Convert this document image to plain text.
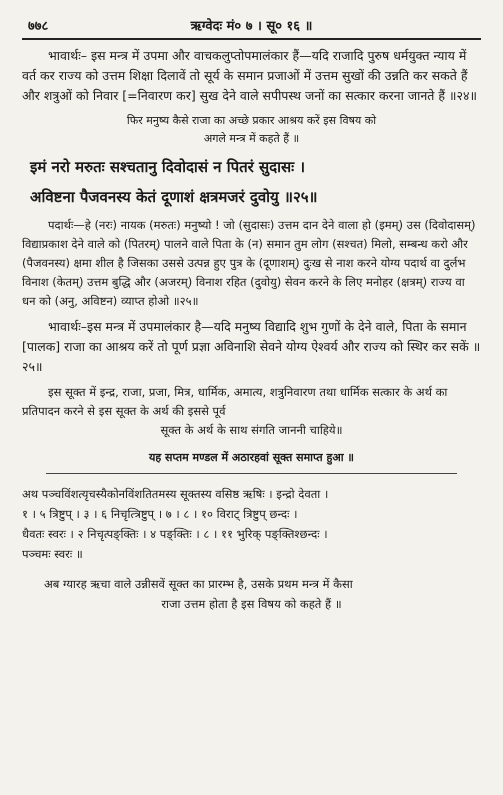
७७८	ऋग्वेदः मं० ७ । सू० १६ ॥

भावार्थः– इस मन्त्र में उपमा और वाचकलुप्तोपमालंकार हैं—यदि राजादि पुरुष धर्मयुक्त न्याय में वर्त कर राज्य को उत्तम शिक्षा दिलावें तो सूर्य के समान प्रजाओं में उत्तम सुखों की उन्नति कर सकते हैं और शत्रुओं को निवार [=निवारण कर] सुख देने वाले सपीपस्थ जनों का सत्कार करना जानते हैं ॥२४॥

फिर मनुष्य कैसे राजा का अच्छे प्रकार आश्रय करें इस विषय को
अगले मन्त्र में कहते हैं ॥
इमं नरो मरुतः सश्चतानु दिवोदासं न पितरं सुदासः ।
अविष्टना पैजवनस्य केतं दूणाशं क्षत्रमजरं दुवोयु ॥२५॥

पदार्थः—हे (नरः) नायक (मरुतः) मनुष्यो ! जो (सुदासः) उत्तम दान देने वाला हो (इमम्) उस (दिवोदासम्) विद्याप्रकाश देने वाले को (पितरम्) पालने वाले पिता के (न) समान तुम लोग (सश्चत) मिलो, सम्बन्ध करो और (पैजवनस्य) क्षमा शील है जिसका उससे उत्पन्न हुए पुत्र के (दूणाशम्) दुःख से नाश करने योग्य पदार्थ वा दुर्लभ विनाश (केतम्) उत्तम बुद्धि और (अजरम्) विनाश रहित (दुवोयु) सेवन करने के लिए मनोहर (क्षत्रम्) राज्य वा धन को (अनु, अविष्टन) व्याप्त होओ ॥२५॥

भावार्थः–इस मन्त्र में उपमालंकार है—यदि मनुष्य विद्यादि शुभ गुणों के देने वाले, पिता के समान [पालक] राजा का आश्रय करें तो पूर्ण प्रज्ञा अविनाशि सेवने योग्य ऐश्वर्य और राज्य को स्थिर कर सकें ॥२५॥

इस सूक्त में इन्द्र, राजा, प्रजा, मित्र, धार्मिक, अमात्य, शत्रुनिवारण तथा धार्मिक सत्कार के अर्थ का प्रतिपादन करने से इस सूक्त के अर्थ की इससे पूर्व

सूक्त के अर्थ के साथ संगति जाननी चाहिये॥

यह सप्तम मण्डल में अठारहवां सूक्त समाप्त हुआ ॥

अथ पञ्चविंशत्यृचस्यैकोनविंशतितमस्य सूक्तस्य वसिष्ठ ऋषिः । इन्द्रो देवता ।

१ । ५ त्रिष्टुप् । ३ । ६ निचृत्त्रिष्टुप् । ७ । ८ । १० विराट् त्रिष्टुप् छन्दः ।

धैवतः स्वरः । २ निचृत्पङ्क्तिः । ४ पङ्क्तिः । ८ । ११ भुरिक् पङ्क्तिश्छन्दः ।

पञ्चमः स्वरः ॥

अब ग्यारह ऋचा वाले उन्नीसवें सूक्त का प्रारम्भ है, उसके प्रथम मन्त्र में कैसा

राजा उत्तम होता है इस विषय को कहते हैं ॥
